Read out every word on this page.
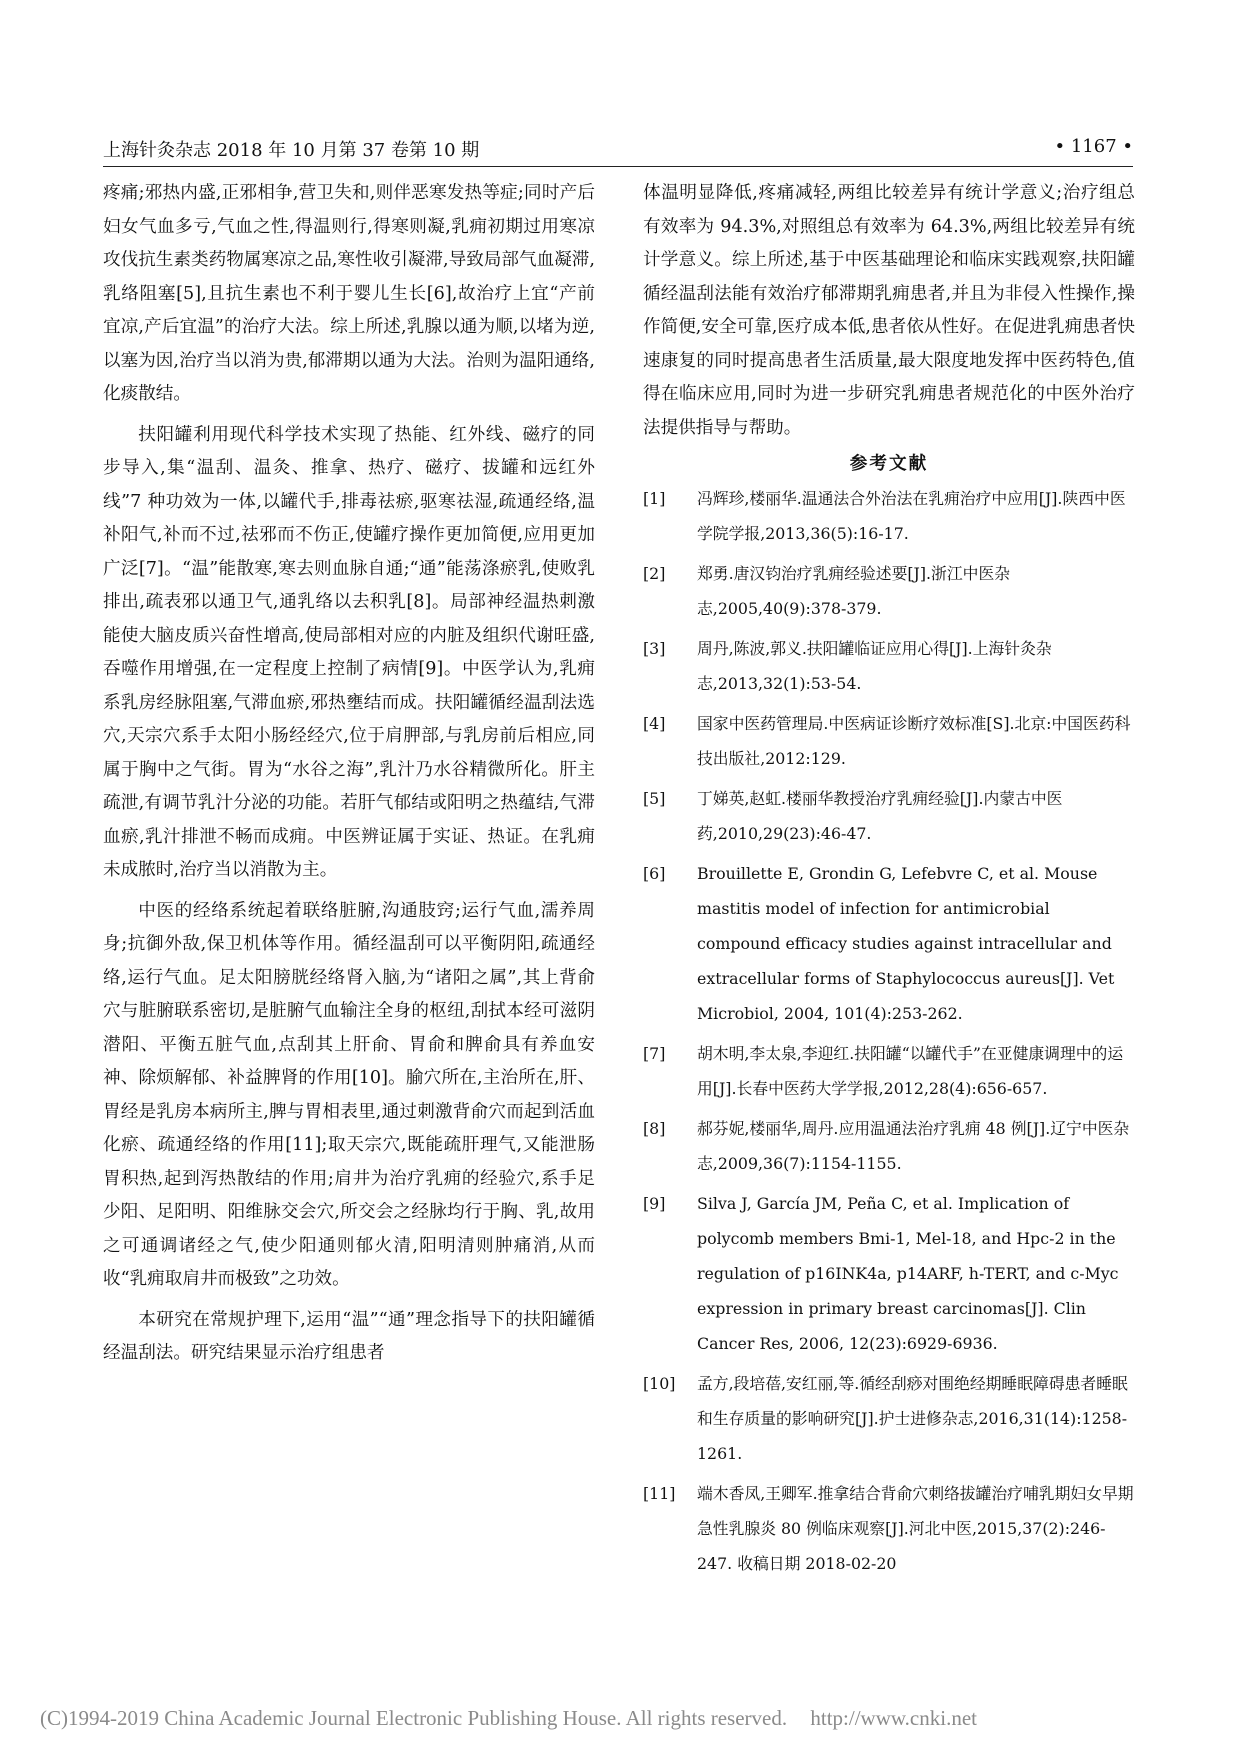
上海针灸杂志 2018 年 10 月第 37 卷第 10 期	• 1167 •

疼痛;邪热内盛,正邪相争,营卫失和,则伴恶寒发热等症;同时产后妇女气血多亏,气血之性,得温则行,得寒则凝,乳痈初期过用寒凉攻伐抗生素类药物属寒凉之品,寒性收引凝滞,导致局部气血凝滞,乳络阻塞[5],且抗生素也不利于婴儿生长[6],故治疗上宜“产前宜凉,产后宜温”的治疗大法。综上所述,乳腺以通为顺,以堵为逆,以塞为因,治疗当以消为贵,郁滞期以通为大法。治则为温阳通络,化痰散结。

扶阳罐利用现代科学技术实现了热能、红外线、磁疗的同步导入,集“温刮、温灸、推拿、热疗、磁疗、拔罐和远红外线”7 种功效为一体,以罐代手,排毒祛瘀,驱寒祛湿,疏通经络,温补阳气,补而不过,祛邪而不伤正,使罐疗操作更加简便,应用更加广泛[7]。“温”能散寒,寒去则血脉自通;“通”能荡涤瘀乳,使败乳排出,疏表邪以通卫气,通乳络以去积乳[8]。局部神经温热刺激能使大脑皮质兴奋性增高,使局部相对应的内脏及组织代谢旺盛,吞噬作用增强,在一定程度上控制了病情[9]。中医学认为,乳痈系乳房经脉阻塞,气滞血瘀,邪热壅结而成。扶阳罐循经温刮法选穴,天宗穴系手太阳小肠经经穴,位于肩胛部,与乳房前后相应,同属于胸中之气街。胃为“水谷之海”,乳汁乃水谷精微所化。肝主疏泄,有调节乳汁分泌的功能。若肝气郁结或阳明之热蕴结,气滞血瘀,乳汁排泄不畅而成痈。中医辨证属于实证、热证。在乳痈未成脓时,治疗当以消散为主。

中医的经络系统起着联络脏腑,沟通肢窍;运行气血,濡养周身;抗御外敌,保卫机体等作用。循经温刮可以平衡阴阳,疏通经络,运行气血。足太阳膀胱经络肾入脑,为“诸阳之属”,其上背俞穴与脏腑联系密切,是脏腑气血输注全身的枢纽,刮拭本经可滋阴潜阳、平衡五脏气血,点刮其上肝俞、胃俞和脾俞具有养血安神、除烦解郁、补益脾肾的作用[10]。腧穴所在,主治所在,肝、胃经是乳房本病所主,脾与胃相表里,通过刺激背俞穴而起到活血化瘀、疏通经络的作用[11];取天宗穴,既能疏肝理气,又能泄肠胃积热,起到泻热散结的作用;肩井为治疗乳痈的经验穴,系手足少阳、足阳明、阳维脉交会穴,所交会之经脉均行于胸、乳,故用之可通调诸经之气,使少阳通则郁火清,阳明清则肿痛消,从而收“乳痈取肩井而极致”之功效。

本研究在常规护理下,运用“温”“通”理念指导下的扶阳罐循经温刮法。研究结果显示治疗组患者

体温明显降低,疼痛减轻,两组比较差异有统计学意义;治疗组总有效率为 94.3%,对照组总有效率为 64.3%,两组比较差异有统计学意义。综上所述,基于中医基础理论和临床实践观察,扶阳罐循经温刮法能有效治疗郁滞期乳痈患者,并且为非侵入性操作,操作简便,安全可靠,医疗成本低,患者依从性好。在促进乳痈患者快速康复的同时提高患者生活质量,最大限度地发挥中医药特色,值得在临床应用,同时为进一步研究乳痈患者规范化的中医外治疗法提供指导与帮助。

参考文献
[1]	冯辉珍,楼丽华.温通法合外治法在乳痈治疗中应用[J].陕西中医学院学报,2013,36(5):16-17.
[2]	郑勇.唐汉钧治疗乳痈经验述要[J].浙江中医杂志,2005,40(9):378-379.
[3]	周丹,陈波,郭义.扶阳罐临证应用心得[J].上海针灸杂志,2013,32(1):53-54.
[4]	国家中医药管理局.中医病证诊断疗效标准[S].北京:中国医药科技出版社,2012:129.
[5]	丁娣英,赵虹.楼丽华教授治疗乳痈经验[J].内蒙古中医药,2010,29(23):46-47.
[6]	Brouillette E, Grondin G, Lefebvre C, et al. Mouse mastitis model of infection for antimicrobial compound efficacy studies against intracellular and extracellular forms of Staphylococcus aureus[J]. Vet Microbiol, 2004, 101(4):253-262.
[7]	胡木明,李太泉,李迎红.扶阳罐“以罐代手”在亚健康调理中的运用[J].长春中医药大学学报,2012,28(4):656-657.
[8]	郝芬妮,楼丽华,周丹.应用温通法治疗乳痈 48 例[J].辽宁中医杂志,2009,36(7):1154-1155.
[9]	Silva J, García JM, Peña C, et al. Implication of polycomb members Bmi-1, Mel-18, and Hpc-2 in the regulation of p16INK4a, p14ARF, h-TERT, and c-Myc expression in primary breast carcinomas[J]. Clin Cancer Res, 2006, 12(23):6929-6936.
[10]	孟方,段培蓓,安红丽,等.循经刮痧对围绝经期睡眠障碍患者睡眠和生存质量的影响研究[J].护士进修杂志,2016,31(14):1258-1261.
[11]	端木香凤,王卿军.推拿结合背俞穴刺络拔罐治疗哺乳期妇女早期急性乳腺炎 80 例临床观察[J].河北中医,2015,37(2):246-247. 收稿日期 2018-02-20
(C)1994-2019 China Academic Journal Electronic Publishing House. All rights reserved. http://www.cnki.net
